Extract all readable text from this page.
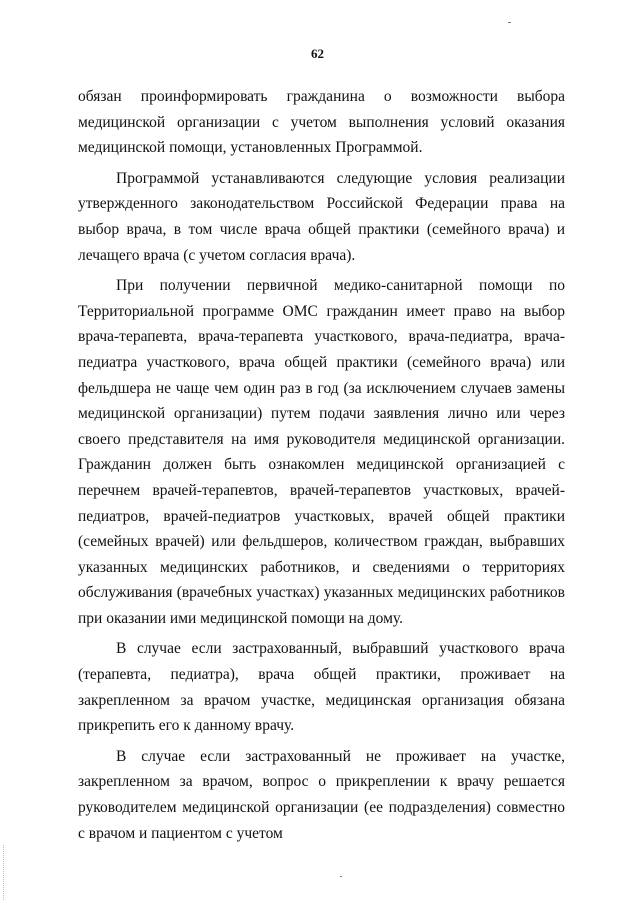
62

обязан проинформировать гражданина о возможности выбора медицинской организации с учетом выполнения условий оказания медицинской помощи, установленных Программой.

Программой устанавливаются следующие условия реализации утвержденного законодательством Российской Федерации права на выбор врача, в том числе врача общей практики (семейного врача) и лечащего врача (с учетом согласия врача).

При получении первичной медико-санитарной помощи по Территориальной программе ОМС гражданин имеет право на выбор врача-терапевта, врача-терапевта участкового, врача-педиатра, врача-педиатра участкового, врача общей практики (семейного врача) или фельдшера не чаще чем один раз в год (за исключением случаев замены медицинской организации) путем подачи заявления лично или через своего представителя на имя руководителя медицинской организации. Гражданин должен быть ознакомлен медицинской организацией с перечнем врачей-терапевтов, врачей-терапевтов участковых, врачей-педиатров, врачей-педиатров участковых, врачей общей практики (семейных врачей) или фельдшеров, количеством граждан, выбравших указанных медицинских работников, и сведениями о территориях обслуживания (врачебных участках) указанных медицинских работников при оказании ими медицинской помощи на дому.

В случае если застрахованный, выбравший участкового врача (терапевта, педиатра), врача общей практики, проживает на закрепленном за врачом участке, медицинская организация обязана прикрепить его к данному врачу.

В случае если застрахованный не проживает на участке, закрепленном за врачом, вопрос о прикреплении к врачу решается руководителем медицинской организации (ее подразделения) совместно с врачом и пациентом с учетом
